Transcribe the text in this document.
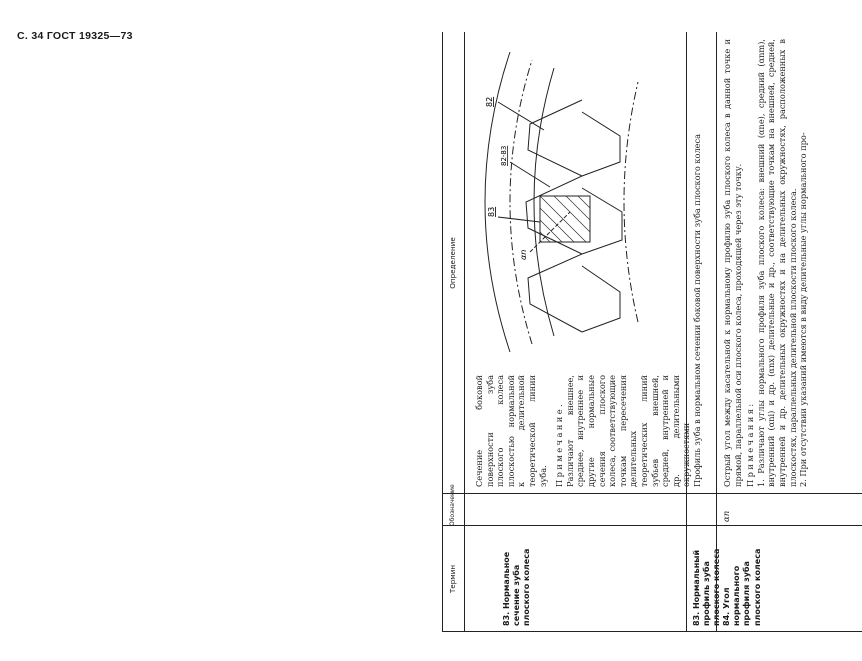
С. 34 ГОСТ 19325—73
Термин
Обозначение
Определение
83. Нормальное сечение зуба плоского колеса
Сечение боковой поверхности зуба плоского колеса плоскостью нормальной к делительной теоретической линии зуба. Примечание. Различают внешнее, среднее, внутреннее и другие нормальные сечения плоского колеса, соответствующие точкам пересечения делительных теоретических линий зубьев внешней, средней, внутренней и др. делительными окружностями
83
82
82-83
αn
83. Нормальный профиль зуба плоского колеса
Профиль зуба в нормальном сечении боковой поверхности зуба плоского колеса
84. Угол нормального профиля зуба плоского колеса
αn
Острый угол между касательной к нормальному профилю зуба плоского колеса в данной точке и прямой, параллельной оси плоского колеса, проходящей через эту точку. Примечания: 1. Различают углы нормального профиля зуба плоского колеса: внешний (αne), средний (αnm), внутренний (αni) и др. (αnx) делительные и др., соответствующие точкам на внешней, средней, внутренней и др. делительных окружностях и на делительных окружностях, расположенных в плоскостях, параллельных делительной плоскости плоского колеса. 2. При отсутствии указаний имеются в виду делительные углы нормального про-
